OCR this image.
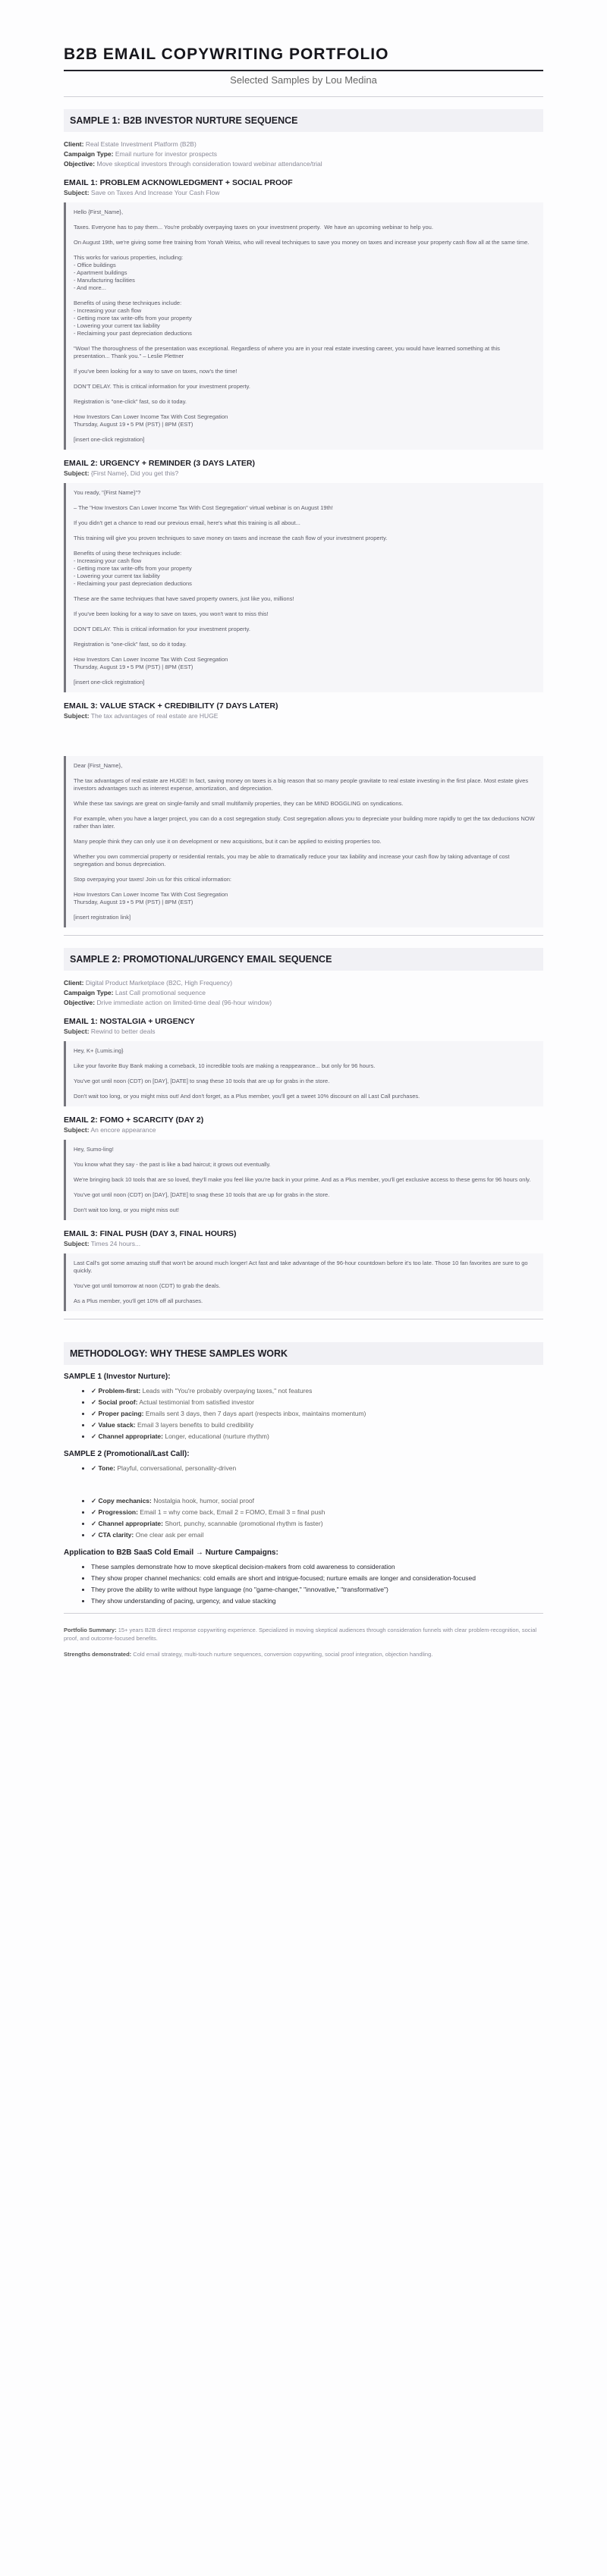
B2B EMAIL COPYWRITING PORTFOLIO

Selected Samples by Lou Medina

SAMPLE 1: B2B INVESTOR NURTURE SEQUENCE

Client: Real Estate Investment Platform (B2B)

Campaign Type: Email nurture for investor prospects

Objective: Move skeptical investors through consideration toward webinar attendance/trial

EMAIL 1: PROBLEM ACKNOWLEDGMENT + SOCIAL PROOF

Subject: Save on Taxes And Increase Your Cash Flow

Hello {First_Name},

Taxes. Everyone has to pay them... You're probably overpaying taxes on your investment property.  We have an upcoming webinar to help you.

On August 19th, we're giving some free training from Yonah Weiss, who will reveal techniques to save you money on taxes and increase your property cash flow all at the same time.

This works for various properties, including:
- Office buildings
- Apartment buildings
- Manufacturing facilities
- And more...

Benefits of using these techniques include:
- Increasing your cash flow
- Getting more tax write-offs from your property
- Lowering your current tax liability
- Reclaiming your past depreciation deductions

"Wow! The thoroughness of the presentation was exceptional. Regardless of where you are in your real estate investing career, you would have learned something at this presentation... Thank you." – Leslie Plettner

If you've been looking for a way to save on taxes, now's the time!

DON'T DELAY. This is critical information for your investment property.

Registration is "one-click" fast, so do it today.

How Investors Can Lower Income Tax With Cost Segregation
Thursday, August 19 • 5 PM (PST) | 8PM (EST)

[insert one-click registration]
EMAIL 2: URGENCY + REMINDER (3 DAYS LATER)

Subject: {First Name}, Did you get this?

You ready, "{First Name}"?

– The "How Investors Can Lower Income Tax With Cost Segregation" virtual webinar is on August 19th!

If you didn't get a chance to read our previous email, here's what this training is all about...

This training will give you proven techniques to save money on taxes and increase the cash flow of your investment property.

Benefits of using these techniques include:
- Increasing your cash flow
- Getting more tax write-offs from your property
- Lowering your current tax liability
- Reclaiming your past depreciation deductions

These are the same techniques that have saved property owners, just like you, millions!

If you've been looking for a way to save on taxes, you won't want to miss this!

DON'T DELAY. This is critical information for your investment property.

Registration is "one-click" fast, so do it today.

How Investors Can Lower Income Tax With Cost Segregation
Thursday, August 19 • 5 PM (PST) | 8PM (EST)

[insert one-click registration]
EMAIL 3: VALUE STACK + CREDIBILITY (7 DAYS LATER)

Subject: The tax advantages of real estate are HUGE

Dear {First_Name},

The tax advantages of real estate are HUGE! In fact, saving money on taxes is a big reason that so many people gravitate to real estate investing in the first place. Most estate gives investors advantages such as interest expense, amortization, and depreciation.

While these tax savings are great on single-family and small multifamily properties, they can be MIND BOGGLING on syndications.

For example, when you have a larger project, you can do a cost segregation study. Cost segregation allows you to depreciate your building more rapidly to get the tax deductions NOW rather than later.

Many people think they can only use it on development or new acquisitions, but it can be applied to existing properties too.

Whether you own commercial property or residential rentals, you may be able to dramatically reduce your tax liability and increase your cash flow by taking advantage of cost segregation and bonus depreciation.

Stop overpaying your taxes! Join us for this critical information:

How Investors Can Lower Income Tax With Cost Segregation
Thursday, August 19 • 5 PM (PST) | 8PM (EST)

[insert registration link]
SAMPLE 2: PROMOTIONAL/URGENCY EMAIL SEQUENCE

Client: Digital Product Marketplace (B2C, High Frequency)

Campaign Type: Last Call promotional sequence

Objective: Drive immediate action on limited-time deal (96-hour window)

EMAIL 1: NOSTALGIA + URGENCY

Subject: Rewind to better deals

Hey, K+ {Lumis.ing}

Like your favorite Buy Bank making a comeback, 10 incredible tools are making a reappearance... but only for 96 hours.

You've got until noon (CDT) on [DAY], [DATE] to snag these 10 tools that are up for grabs in the store.

Don't wait too long, or you might miss out! And don't forget, as a Plus member, you'll get a sweet 10% discount on all Last Call purchases.
EMAIL 2: FOMO + SCARCITY (DAY 2)

Subject: An encore appearance

Hey, Sumo-ling!

You know what they say - the past is like a bad haircut; it grows out eventually.

We're bringing back 10 tools that are so loved, they'll make you feel like you're back in your prime. And as a Plus member, you'll get exclusive access to these gems for 96 hours only.

You've got until noon (CDT) on [DAY], [DATE] to snag these 10 tools that are up for grabs in the store.

Don't wait too long, or you might miss out!
EMAIL 3: FINAL PUSH (DAY 3, FINAL HOURS)

Subject: Times 24 hours...

Last Call's got some amazing stuff that won't be around much longer! Act fast and take advantage of the 96-hour countdown before it's too late. Those 10 fan favorites are sure to go quickly.

You've got until tomorrow at noon (CDT) to grab the deals.

As a Plus member, you'll get 10% off all purchases.
METHODOLOGY: WHY THESE SAMPLES WORK
SAMPLE 1 (Investor Nurture):
• ✓ Problem-first: Leads with "You're probably overpaying taxes," not features
• ✓ Social proof: Actual testimonial from satisfied investor
• ✓ Proper pacing: Emails sent 3 days, then 7 days apart (respects inbox, maintains momentum)
• ✓ Value stack: Email 3 layers benefits to build credibility
• ✓ Channel appropriate: Longer, educational (nurture rhythm)
SAMPLE 2 (Promotional/Last Call):
• ✓ Tone: Playful, conversational, personality-driven
• ✓ Copy mechanics: Nostalgia hook, humor, social proof
• ✓ Progression: Email 1 = why come back, Email 2 = FOMO, Email 3 = final push
• ✓ Channel appropriate: Short, punchy, scannable (promotional rhythm is faster)
• ✓ CTA clarity: One clear ask per email
Application to B2B SaaS Cold Email → Nurture Campaigns:
• These samples demonstrate how to move skeptical decision-makers from cold awareness to consideration
• They show proper channel mechanics: cold emails are short and intrigue-focused; nurture emails are longer and consideration-focused
• They prove the ability to write without hype language (no "game-changer," "innovative," "transformative")
• They show understanding of pacing, urgency, and value stacking

Portfolio Summary: 15+ years B2B direct response copywriting experience. Specialized in moving skeptical audiences through consideration funnels with clear problem-recognition, social proof, and outcome-focused benefits.

Strengths demonstrated: Cold email strategy, multi-touch nurture sequences, conversion copywriting, social proof integration, objection handling.
